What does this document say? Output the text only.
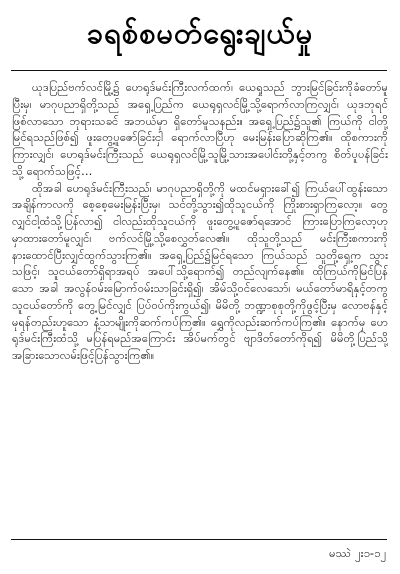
ခရစ်စမတ်ရွေးချယ်မှု

ယုဒပြည်ဗက်လင်မြို့၌ ဟေရုဒ်မင်းကြီးလက်ထက်၊ ယေရှုသည် ဘွားမြင်ခြင်းကိုခံတော်မူပြီးမှ၊ မာဂုပညာရှိတို့သည် အရှေ့ပြည်က ယေရုရှလင်မြို့သို့ရောက်လာကြလျှင်၊ ယုဒဘုရင်ဖြစ်လာသော ဘုရားသခင် အဘယ်မှာ ရှိတော်မူသနည်း။ အရှေ့ပြည်၌သူ၏ ကြယ်ကို ငါတို့မြင်ရသည်ဖြစ်၍ ဖူးတွေ့ပူဇော်ခြင်းငှါ ရောက်လာပြီဟု မေးမြန်းပြောဆိုကြ၏။ ထိုစကားကိုကြားလျှင်၊ ဟေရုဒ်မင်းကြီးသည် ယေရုရှလင်မြို့သူမြို့သားအပေါင်းတို့နှင့်တကွ စိတ်ပူပန်ခြင်းသို့ ရောက်သဖြင့်…

ထိုအခါ ဟေရုဒ်မင်းကြီးသည်၊ မာဂုပညာရှိတို့ကို မထင်မရှားခေါ်၍ ကြယ်ပေါ်ထွန်းသောအချိန်ကာလကို စေ့စေ့မေးမြန်းပြီးမှ၊ သင်တို့သွား၍ထိုသူငယ်ကို ကြိုးစားရှာကြလော့။ တွေ့လျှင်ငါ့ထံသို့ပြန်လာ၍ ငါလည်းထိုသူငယ်ကို ဖူးတွေ့ပူဇော်ရအောင် ကြားပြောကြလော့ဟုမှာထားတော်မူလျှင်၊ ဗက်လင်မြို့သို့စေလွှတ်လေ၏။ ထိုသူတို့သည် မင်းကြီးစကားကို နားထောင်ပြီးလျှင်ထွက်သွားကြ၏။ အရှေ့ပြည်၌မြင်ရသော ကြယ်သည် သူတို့ရှေ့က သွားသဖြင့်၊ သူငယ်တော်ရှိရာအရပ် အပေါ်သို့ရောက်၍ တည်လျက်နေ၏။ ထိုကြယ်ကိုမြင်ပြန်သော အခါ အလွန်ဝမ်းမြောက်ဝမ်းသာခြင်းရှိ၍၊ အိမ်သို့ဝင်လေသော်၊ မယ်တော်မာရိနှင့်တကွ သူငယ်တော်ကို တွေ့မြင်လျှင် ပြပ်ဝပ်ကိုးကွယ်၍၊ မိမိတို့ ဘဏ္ဍာစုစုတို့ကိုဖွင့်ပြီးမှ လောဗန်နှင့်မုရန်တည်းဟူသော နံ့သာမျိုးကိုဆက်ကပ်ကြ၏။ ရွှေကိုလည်းဆက်ကပ်ကြ၏။ နောက်မှ ဟေရုဒ်မင်းကြီးထံသို့ မပြန်ရမည်အကြောင်း အိပ်မက်တွင် ဗျာဒိတ်တော်ကိုရ၍ မိမိတို့ပြည်သို့အခြားသောလမ်းဖြင့်ပြန်သွားကြ၏။

မဿဲ ၂း၁-၁၂
